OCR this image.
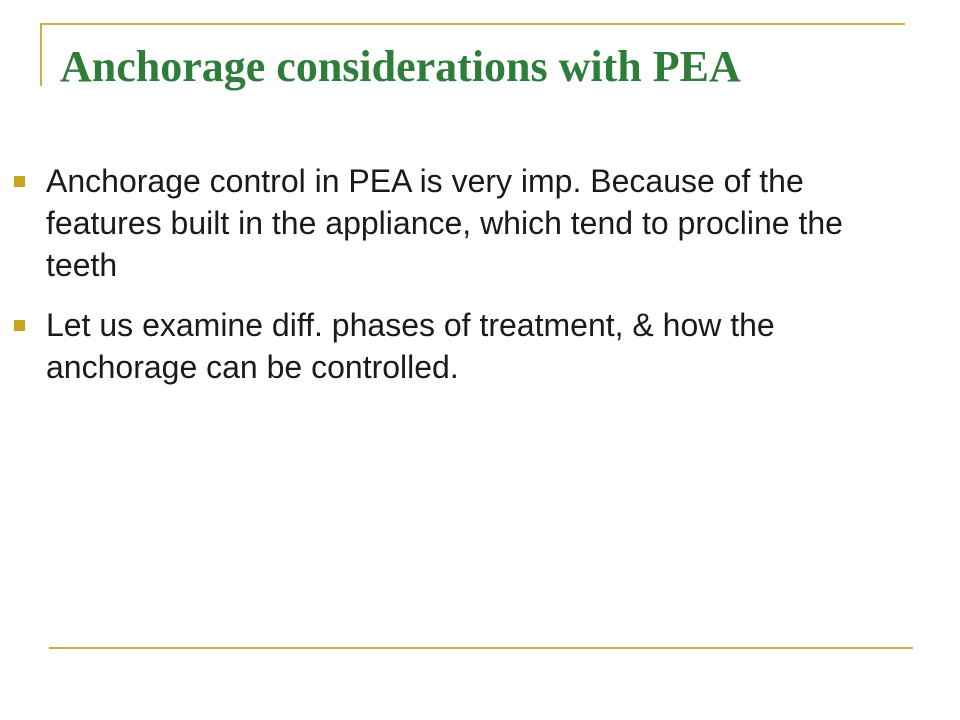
Anchorage considerations with PEA
Anchorage control in PEA is very imp. Because of the features built in the appliance, which tend to procline the teeth
Let us examine diff. phases of treatment, & how the anchorage can be controlled.
